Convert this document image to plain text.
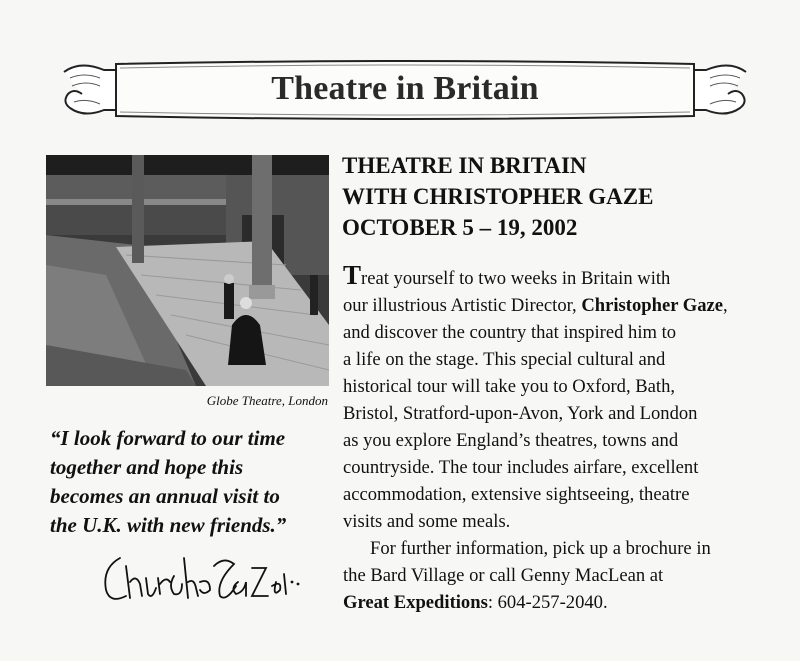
Theatre in Britain
Globe Theatre, London
“I look forward to our time
together and hope this
becomes an annual visit to
the U.K. with new friends.”
THEATRE IN BRITAIN
WITH CHRISTOPHER GAZE
OCTOBER 5 – 19, 2002
Treat yourself to two weeks in Britain with
our illustrious Artistic Director, Christopher Gaze,
and discover the country that inspired him to
a life on the stage. This special cultural and
historical tour will take you to Oxford, Bath,
Bristol, Stratford-upon-Avon, York and London
as you explore England’s theatres, towns and
countryside. The tour includes airfare, excellent
accommodation, extensive sightseeing, theatre
visits and some meals.
For further information, pick up a brochure in
the Bard Village or call Genny MacLean at
Great Expeditions: 604-257-2040.
